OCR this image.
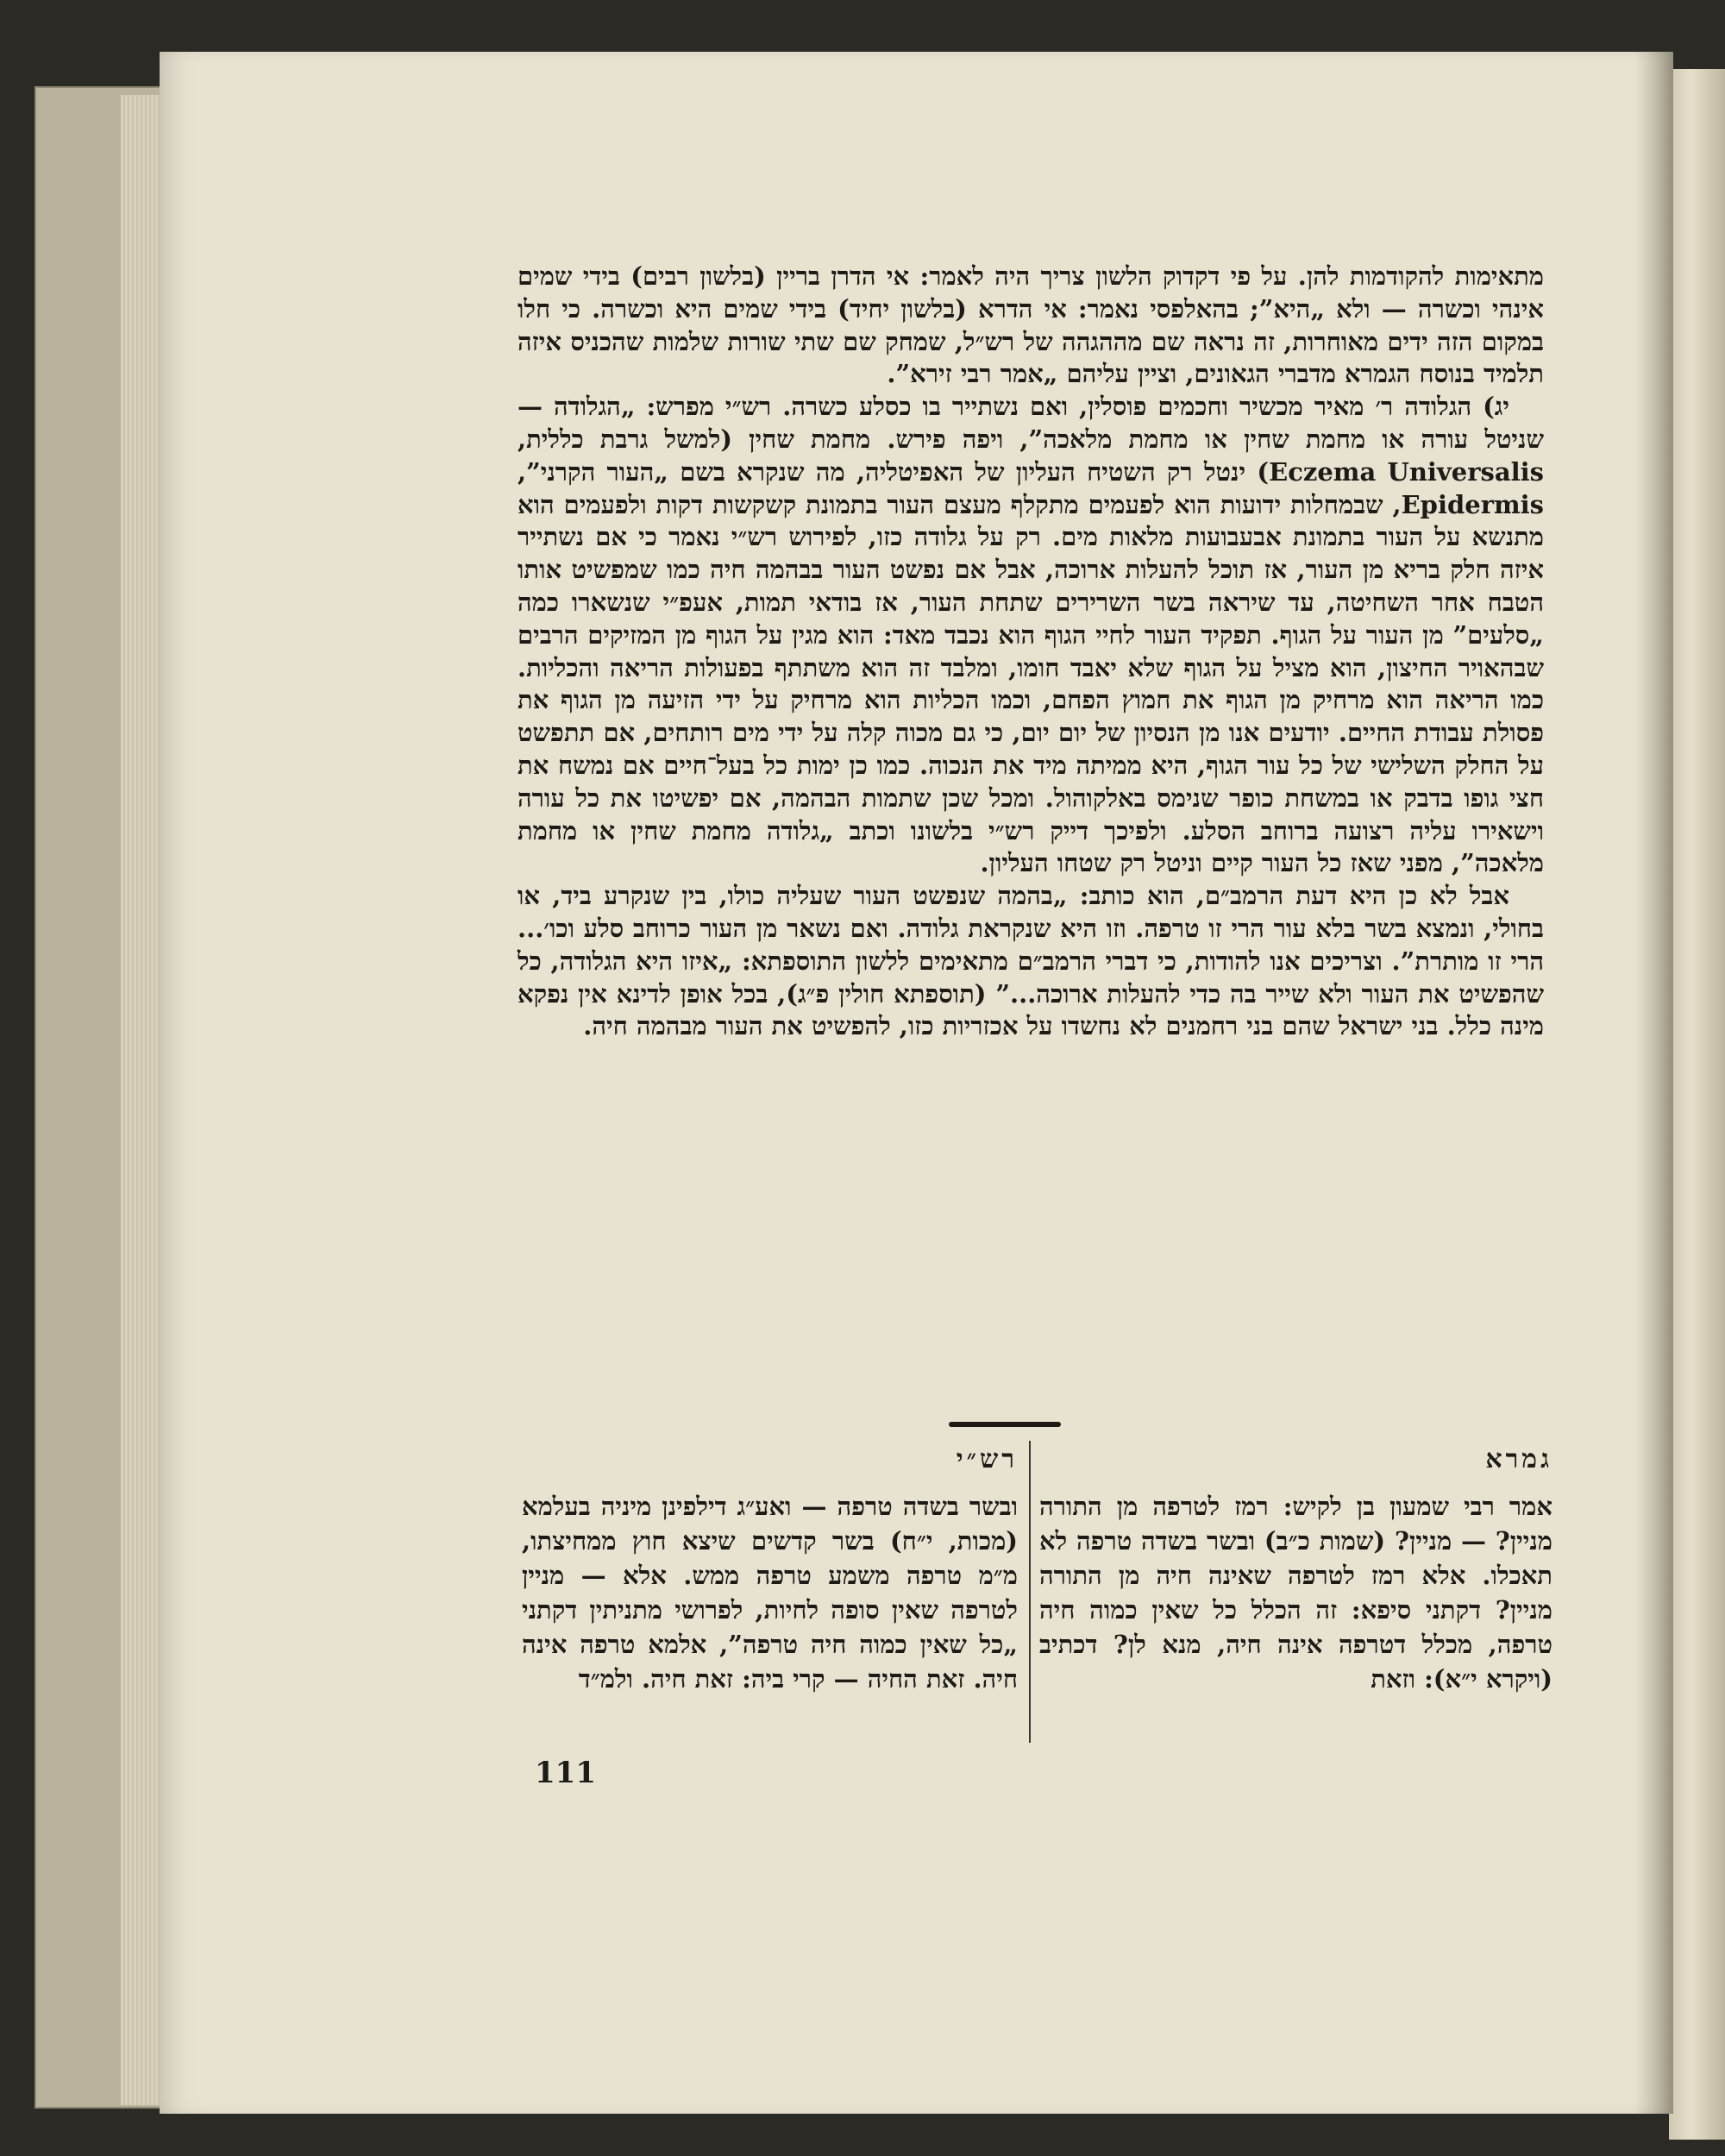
מתאימות להקודמות להן. על פי דקדוק הלשון צריך היה לאמר: אי הדרן בריין (בלשון רבים) בידי שמים אינהי וכשרה — ולא „היא”; בהאלפסי נאמר: אי הדרא (בלשון יחיד) בידי שמים היא וכשרה. כי חלו במקום הזה ידים מאוחרות, זה נראה שם מההגהה של רש״ל, שמחק שם שתי שורות שלמות שהכניס איזה תלמיד בנוסח הגמרא מדברי הגאונים, וציין עליהם „אמר רבי זירא”.

יג) הגלודה ר׳ מאיר מכשיר וחכמים פוסלין, ואם נשתייר בו כסלע כשרה. רש״י מפרש: „הגלודה — שניטל עורה או מחמת שחין או מחמת מלאכה”, ויפה פירש. מחמת שחין (למשל גרבת כללית, Eczema Universalis) ינטל רק השטיח העליון של האפיטליה, מה שנקרא בשם „העור הקרני”, Epidermis, שבמחלות ידועות הוא לפעמים מתקלף מעצם העור בתמונת קשקשות דקות ולפעמים הוא מתנשא על העור בתמונת אבעבועות מלאות מים. רק על גלודה כזו, לפירוש רש״י נאמר כי אם נשתייר איזה חלק בריא מן העור, אז תוכל להעלות ארוכה, אבל אם נפשט העור בבהמה חיה כמו שמפשיט אותו הטבח אחר השחיטה, עד שיראה בשר השרירים שתחת העור, אז בודאי תמות, אעפ״י שנשארו כמה „סלעים” מן העור על הגוף. תפקיד העור לחיי הגוף הוא נכבד מאד: הוא מגין על הגוף מן המזיקים הרבים שבהאויר החיצון, הוא מציל על הגוף שלא יאבד חומו, ומלבד זה הוא משתתף בפעולות הריאה והכליות. כמו הריאה הוא מרחיק מן הגוף את חמוץ הפחם, וכמו הכליות הוא מרחיק על ידי הזיעה מן הגוף את פסולת עבודת החיים. יודעים אנו מן הנסיון של יום יום, כי גם מכוה קלה על ידי מים רותחים, אם תתפשט על החלק השלישי של כל עור הגוף, היא ממיתה מיד את הנכוה. כמו כן ימות כל בעל־חיים אם נמשח את חצי גופו בדבק או במשחת כופר שנימס באלקוהול. ומכל שכן שתמות הבהמה, אם יפשיטו את כל עורה וישאירו עליה רצועה ברוחב הסלע. ולפיכך דייק רש״י בלשונו וכתב „גלודה מחמת שחין או מחמת מלאכה”, מפני שאז כל העור קיים וניטל רק שטחו העליון.

אבל לא כן היא דעת הרמב״ם, הוא כותב: „בהמה שנפשט העור שעליה כולו, בין שנקרע ביד, או בחולי, ונמצא בשר בלא עור הרי זו טרפה. וזו היא שנקראת גלודה. ואם נשאר מן העור כרוחב סלע וכו׳... הרי זו מותרת”. וצריכים אנו להודות, כי דברי הרמב״ם מתאימים ללשון התוספתא: „איזו היא הגלודה, כל שהפשיט את העור ולא שייר בה כדי להעלות ארוכה...” (תוספתא חולין פ״ג), בכל אופן לדינא אין נפקא מינה כלל. בני ישראל שהם בני רחמנים לא נחשדו על אכזריות כזו, להפשיט את העור מבהמה חיה.

גמרא

אמר רבי שמעון בן לקיש: רמז לטרפה מן התורה מניין? — מניין? (שמות כ״ב) ובשר בשדה טרפה לא תאכלו. אלא רמז לטרפה שאינה חיה מן התורה מניין? דקתני סיפא: זה הכלל כל שאין כמוה חיה טרפה, מכלל דטרפה אינה חיה, מנא לן? דכתיב (ויקרא י״א): וזאת

רש״י

ובשר בשדה טרפה — ואע״ג דילפינן מיניה בעלמא (מכות, י״ח) בשר קדשים שיצא חוץ ממחיצתו, מ״מ טרפה משמע טרפה ממש. אלא — מניין לטרפה שאין סופה לחיות, לפרושי מתניתין דקתני „כל שאין כמוה חיה טרפה”, אלמא טרפה אינה חיה. זאת החיה — קרי ביה: זאת חיה. ולמ״ד

111
